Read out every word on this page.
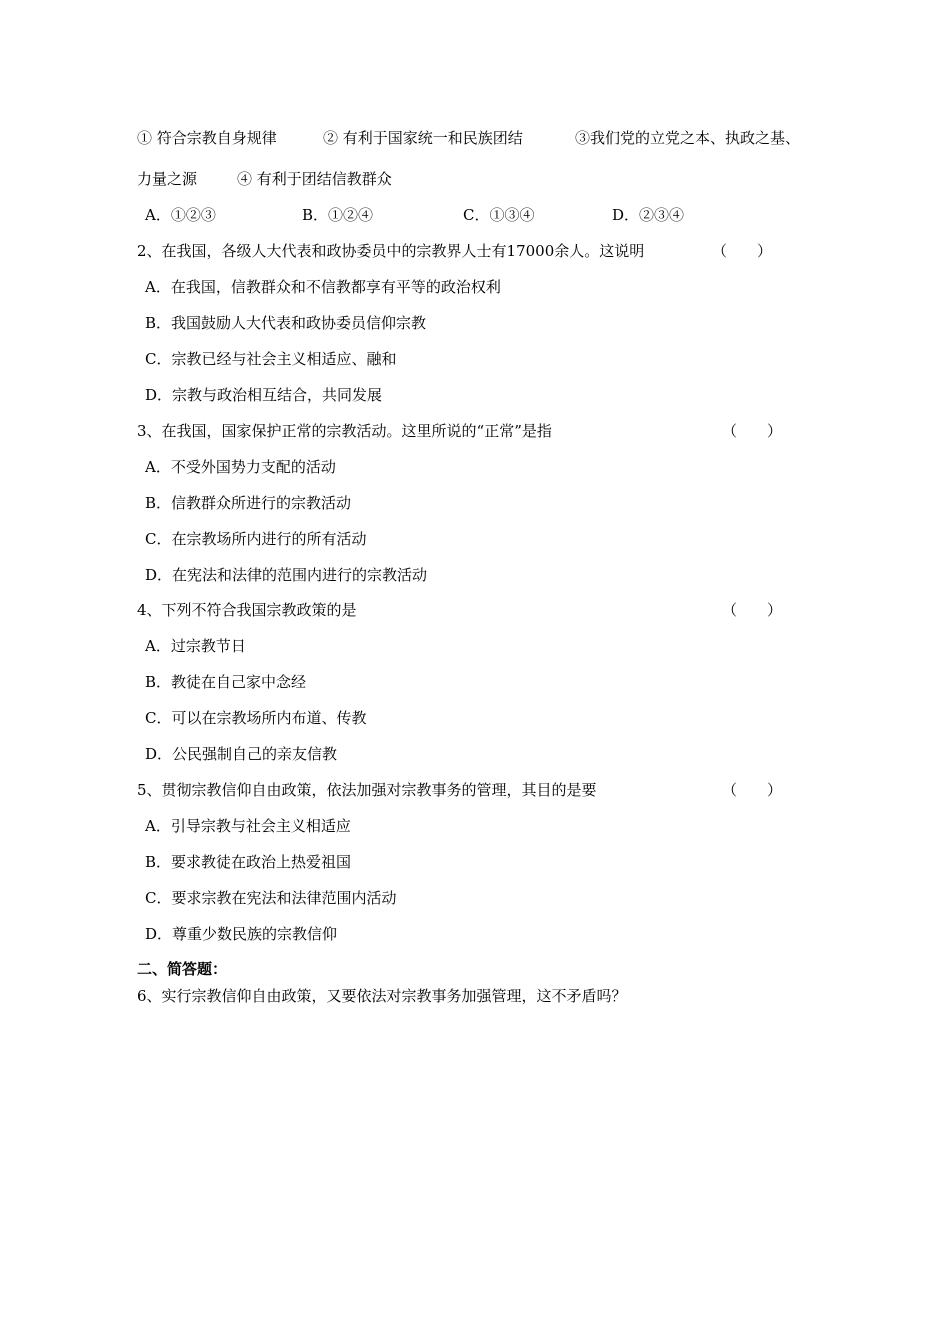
① 符合宗教自身规律	② 有利于国家统一和民族团结	③我们党的立党之本、执政之基、
力量之源	④ 有利于团结信教群众
A．①②③	B．①②④	C．①③④	D．②③④
2、在我国，各级人大代表和政协委员中的宗教界人士有17000余人。这说明	（　　）
A．在我国，信教群众和不信教都享有平等的政治权利
B．我国鼓励人大代表和政协委员信仰宗教
C．宗教已经与社会主义相适应、融和
D．宗教与政治相互结合，共同发展
3、在我国，国家保护正常的宗教活动。这里所说的“正常”是指	（　　）
A．不受外国势力支配的活动
B．信教群众所进行的宗教活动
C．在宗教场所内进行的所有活动
D．在宪法和法律的范围内进行的宗教活动
4、下列不符合我国宗教政策的是	（　　）
A．过宗教节日
B．教徒在自己家中念经
C．可以在宗教场所内布道、传教
D．公民强制自己的亲友信教
5、贯彻宗教信仰自由政策，依法加强对宗教事务的管理，其目的是要	（　　）
A．引导宗教与社会主义相适应
B．要求教徒在政治上热爱祖国
C．要求宗教在宪法和法律范围内活动
D．尊重少数民族的宗教信仰
二、简答题：
6、实行宗教信仰自由政策，又要依法对宗教事务加强管理，这不矛盾吗？
